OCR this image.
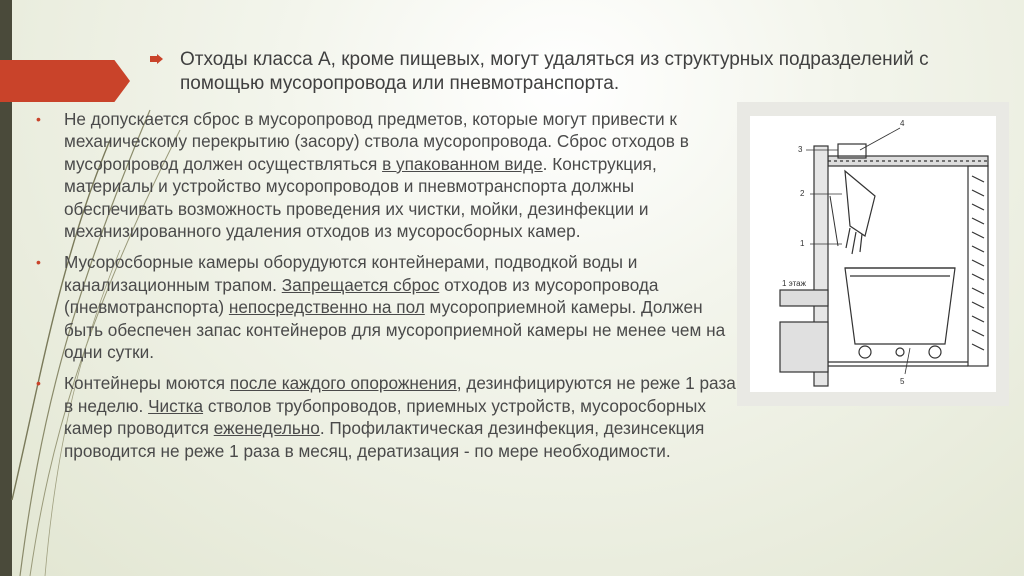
Отходы класса А, кроме пищевых, могут удаляться из структурных подразделений с помощью мусоропровода или пневмотранспорта.
• Не допускается сброс в мусоропровод предметов, которые могут привести к механическому перекрытию (засору) ствола мусоропровода. Сброс отходов в мусоропровод должен осуществляться в упакованном виде. Конструкция, материалы и устройство мусоропроводов и пневмотранспорта должны обеспечивать возможность проведения их чистки, мойки, дезинфекции и механизированного удаления отходов из мусоросборных камер.
• Мусоросборные камеры оборудуются контейнерами, подводкой воды и канализационным трапом. Запрещается сброс отходов из мусоропровода (пневмотранспорта) непосредственно на пол мусороприемной камеры. Должен быть обеспечен запас контейнеров для мусороприемной камеры не менее чем на одни сутки.
• Контейнеры моются после каждого опорожнения, дезинфицируются не реже 1 раза в неделю. Чистка стволов трубопроводов, приемных устройств, мусоросборных камер проводится еженедельно. Профилактическая дезинфекция, дезинсекция проводится не реже 1 раза в месяц, дератизация - по мере необходимости.
3
4
2
1
1 этаж
5
